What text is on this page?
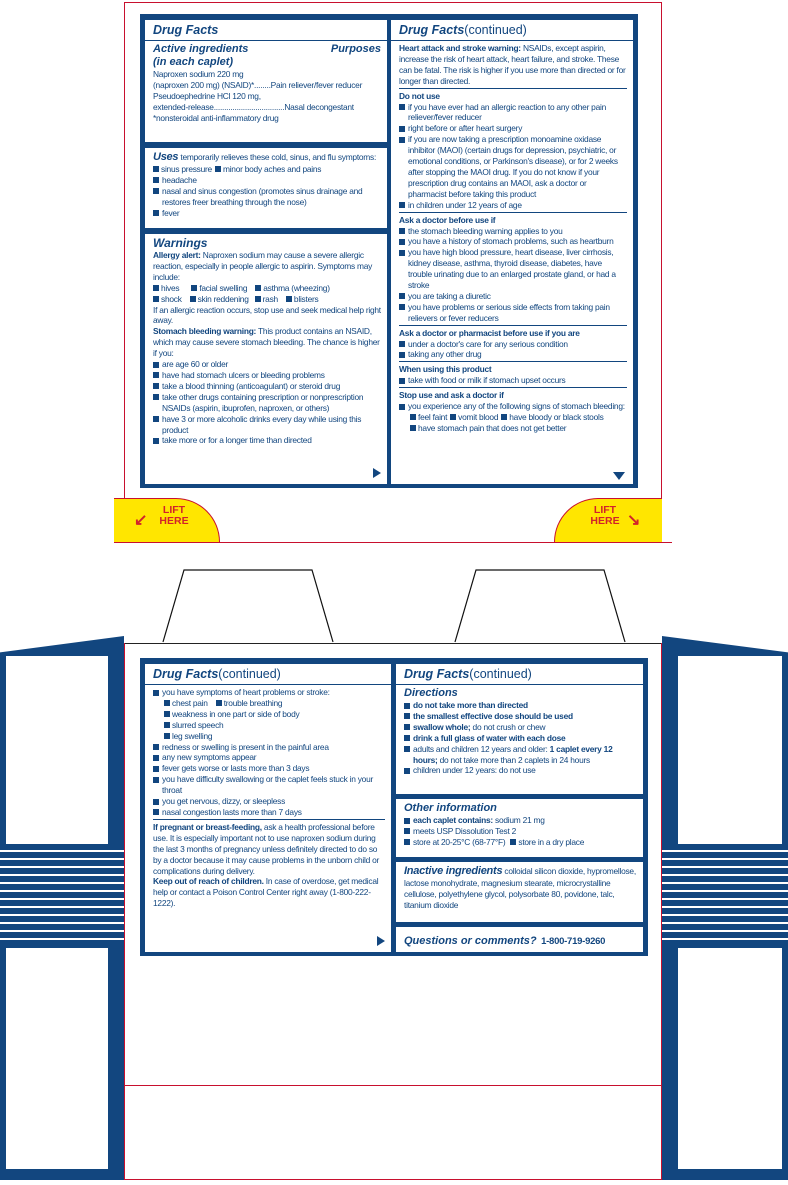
↙
LIFT
HERE
LIFT
HERE ↘
Drug Facts
Active ingredients	Purposes
(in each caplet)
Naproxen sodium 220 mg
(naproxen 200 mg) (NSAID)* ........ Pain reliever/fever reducer
Pseudoephedrine HCl 120 mg,
extended-release .................................. Nasal decongestant
*nonsteroidal anti-inflammatory drug
Uses temporarily relieves these cold, sinus, and flu symptoms:
sinus pressure minor body aches and pains
headache
nasal and sinus congestion (promotes sinus drainage and restores freer breathing through the nose)
fever
Warnings
Allergy alert: Naproxen sodium may cause a severe allergic reaction, especially in people allergic to aspirin. Symptoms may include:
hives facial swelling asthma (wheezing)
shock skin reddening rash blisters
If an allergic reaction occurs, stop use and seek medical help right away.
Stomach bleeding warning: This product contains an NSAID, which may cause severe stomach bleeding. The chance is higher if you:
are age 60 or older
have had stomach ulcers or bleeding problems
take a blood thinning (anticoagulant) or steroid drug
take other drugs containing prescription or nonprescription NSAIDs (aspirin, ibuprofen, naproxen, or others)
have 3 or more alcoholic drinks every day while using this product
take more or for a longer time than directed
Drug Facts(continued)
Heart attack and stroke warning: NSAIDs, except aspirin, increase the risk of heart attack, heart failure, and stroke. These can be fatal. The risk is higher if you use more than directed or for longer than directed.
Do not use
if you have ever had an allergic reaction to any other pain reliever/fever reducer
right before or after heart surgery
if you are now taking a prescription monoamine oxidase inhibitor (MAOI) (certain drugs for depression, psychiatric, or emotional conditions, or Parkinson's disease), or for 2 weeks after stopping the MAOI drug. If you do not know if your prescription drug contains an MAOI, ask a doctor or pharmacist before taking this product
in children under 12 years of age
Ask a doctor before use if
the stomach bleeding warning applies to you
you have a history of stomach problems, such as heartburn
you have high blood pressure, heart disease, liver cirrhosis, kidney disease, asthma, thyroid disease, diabetes, have trouble urinating due to an enlarged prostate gland, or had a stroke
you are taking a diuretic
you have problems or serious side effects from taking pain relievers or fever reducers
Ask a doctor or pharmacist before use if you are
under a doctor's care for any serious condition
taking any other drug
When using this product
take with food or milk if stomach upset occurs
Stop use and ask a doctor if
you experience any of the following signs of stomach bleeding:
feel faint vomit blood have bloody or black stools
have stomach pain that does not get better
Drug Facts(continued)
you have symptoms of heart problems or stroke:
chest pain trouble breathing
weakness in one part or side of body
slurred speech
leg swelling
redness or swelling is present in the painful area
any new symptoms appear
fever gets worse or lasts more than 3 days
you have difficulty swallowing or the caplet feels stuck in your throat
you get nervous, dizzy, or sleepless
nasal congestion lasts more than 7 days
If pregnant or breast-feeding, ask a health professional before use. It is especially important not to use naproxen sodium during the last 3 months of pregnancy unless definitely directed to do so by a doctor because it may cause problems in the unborn child or complications during delivery.
Keep out of reach of children. In case of overdose, get medical help or contact a Poison Control Center right away (1-800-222-1222).
Drug Facts(continued)
Directions
do not take more than directed
the smallest effective dose should be used
swallow whole; do not crush or chew
drink a full glass of water with each dose
adults and children 12 years and older: 1 caplet every 12 hours; do not take more than 2 caplets in 24 hours
children under 12 years: do not use
Other information
each caplet contains: sodium 21 mg
meets USP Dissolution Test 2
store at 20-25°C (68-77°F) store in a dry place
Inactive ingredients colloidal silicon dioxide, hypromellose, lactose monohydrate, magnesium stearate, microcrystalline cellulose, polyethylene glycol, polysorbate 80, povidone, talc, titanium dioxide
Questions or comments? 1-800-719-9260
